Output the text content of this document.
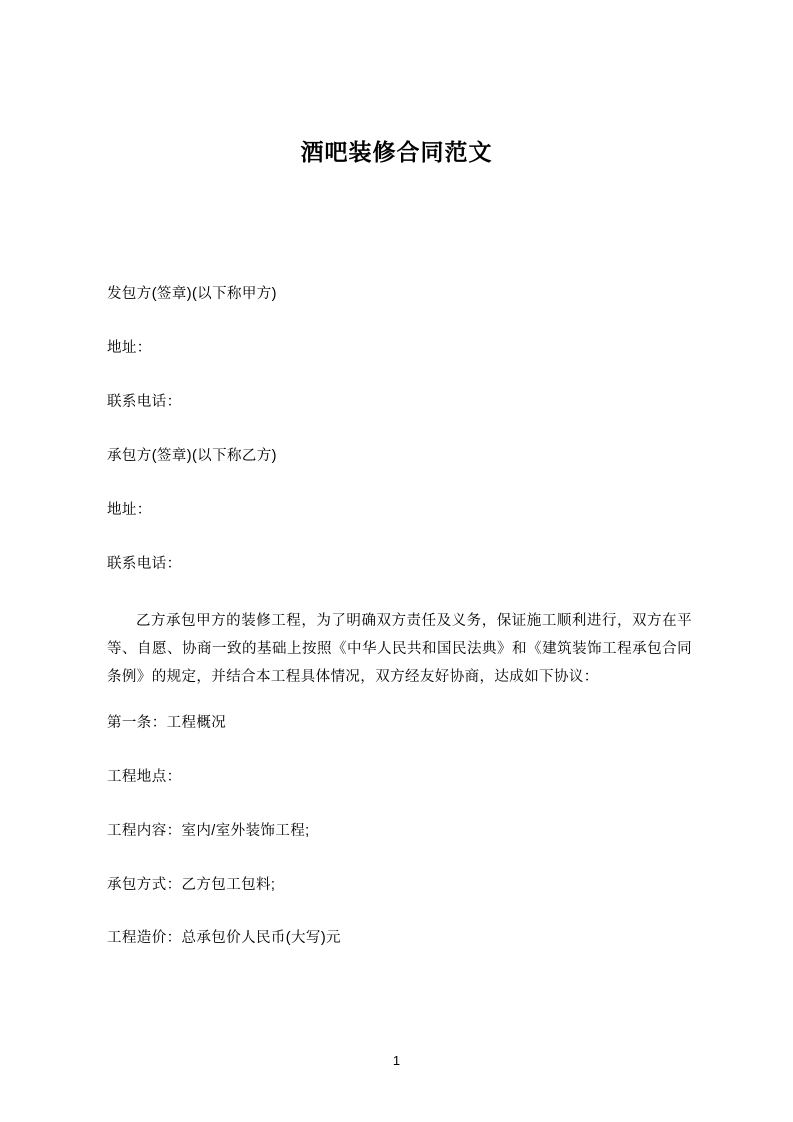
酒吧装修合同范文

发包方(签章)(以下称甲方)

地址：

联系电话：

承包方(签章)(以下称乙方)

地址：

联系电话：

乙方承包甲方的装修工程，为了明确双方责任及义务，保证施工顺利进行，双方在平等、自愿、协商一致的基础上按照《中华人民共和国民法典》和《建筑装饰工程承包合同条例》的规定，并结合本工程具体情况，双方经友好协商，达成如下协议：

第一条：工程概况

工程地点：

工程内容：室内/室外装饰工程;

承包方式：乙方包工包料;

工程造价：总承包价人民币(大写)元

1
